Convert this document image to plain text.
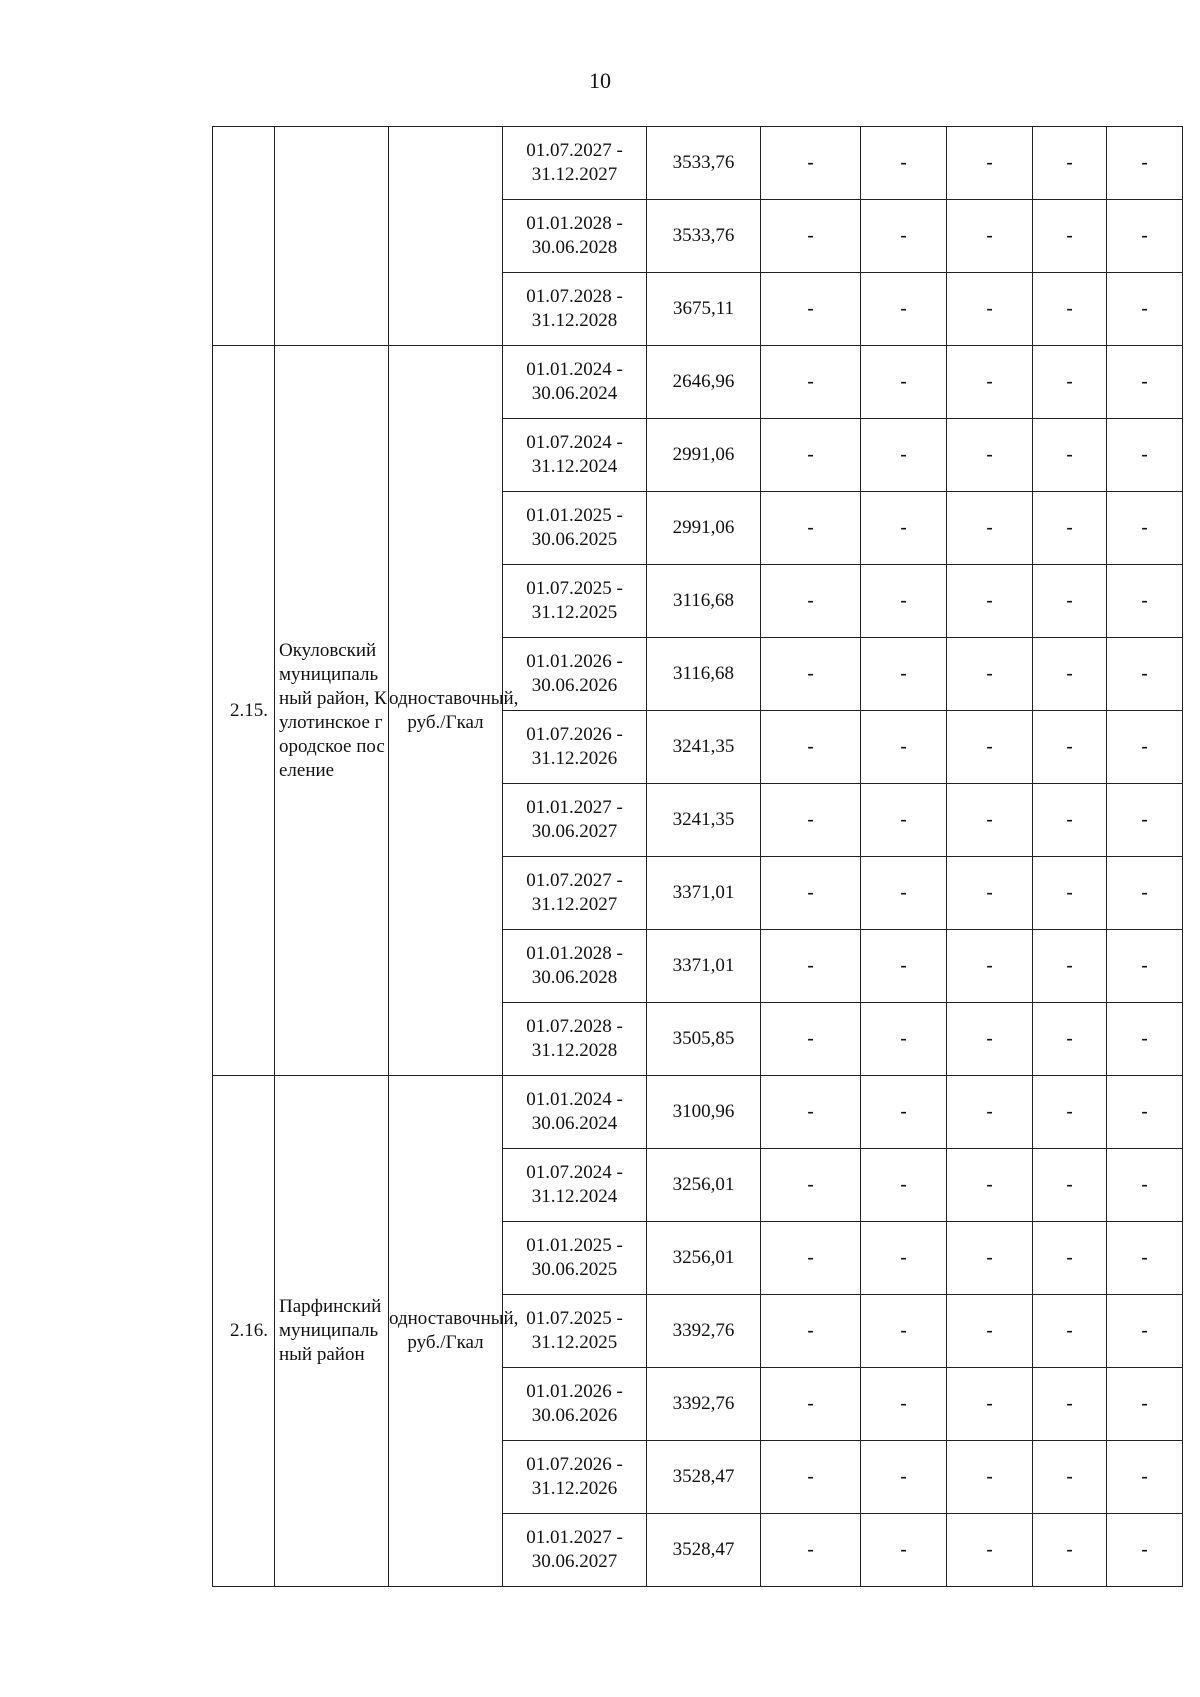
10
			01.07.2027 -
31.12.2027	3533,76	-	-	-	-	-
			01.01.2028 -
30.06.2028	3533,76	-	-	-	-	-
			01.07.2028 -
31.12.2028	3675,11	-	-	-	-	-
2.15.	Окуловский муниципальный район, Кулотинское городское поселение	одноставочный, руб./Гкал	01.01.2024 -
30.06.2024	2646,96	-	-	-	-	-
			01.07.2024 -
31.12.2024	2991,06	-	-	-	-	-
			01.01.2025 -
30.06.2025	2991,06	-	-	-	-	-
			01.07.2025 -
31.12.2025	3116,68	-	-	-	-	-
			01.01.2026 -
30.06.2026	3116,68	-	-	-	-	-
			01.07.2026 -
31.12.2026	3241,35	-	-	-	-	-
			01.01.2027 -
30.06.2027	3241,35	-	-	-	-	-
			01.07.2027 -
31.12.2027	3371,01	-	-	-	-	-
			01.01.2028 -
30.06.2028	3371,01	-	-	-	-	-
			01.07.2028 -
31.12.2028	3505,85	-	-	-	-	-
2.16.	Парфинский муниципальный район	одноставочный, руб./Гкал	01.01.2024 -
30.06.2024	3100,96	-	-	-	-	-
			01.07.2024 -
31.12.2024	3256,01	-	-	-	-	-
			01.01.2025 -
30.06.2025	3256,01	-	-	-	-	-
			01.07.2025 -
31.12.2025	3392,76	-	-	-	-	-
			01.01.2026 -
30.06.2026	3392,76	-	-	-	-	-
			01.07.2026 -
31.12.2026	3528,47	-	-	-	-	-
			01.01.2027 -
30.06.2027	3528,47	-	-	-	-	-
